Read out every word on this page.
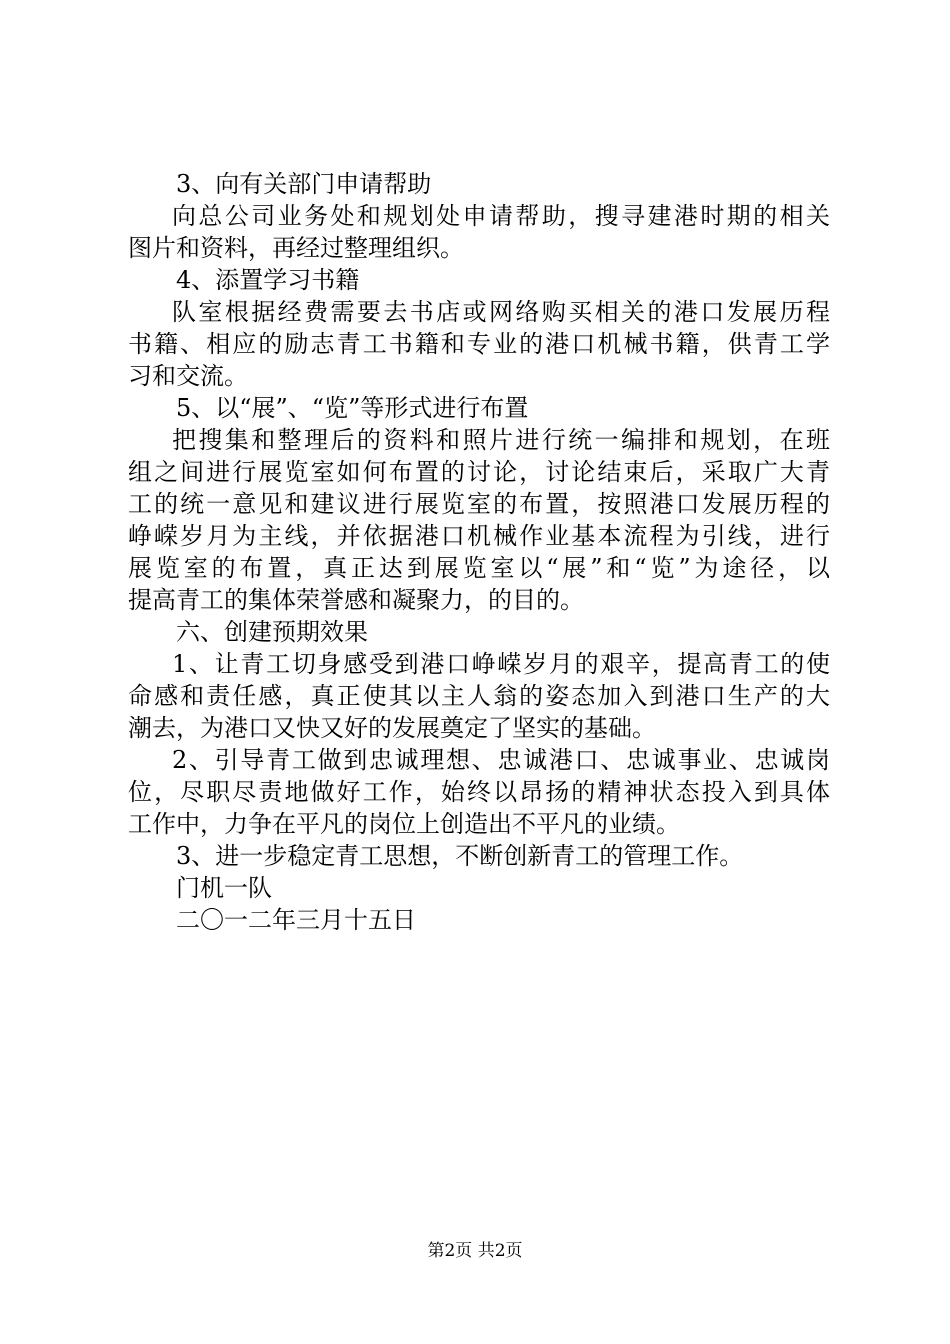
3、向有关部门申请帮助
向总公司业务处和规划处申请帮助，搜寻建港时期的相关
图片和资料，再经过整理组织。
4、添置学习书籍
队室根据经费需要去书店或网络购买相关的港口发展历程
书籍、相应的励志青工书籍和专业的港口机械书籍，供青工学
习和交流。
5、以“展”、“览”等形式进行布置
把搜集和整理后的资料和照片进行统一编排和规划，在班
组之间进行展览室如何布置的讨论，讨论结束后，采取广大青
工的统一意见和建议进行展览室的布置，按照港口发展历程的
峥嵘岁月为主线，并依据港口机械作业基本流程为引线，进行
展览室的布置，真正达到展览室以“展”和“览”为途径，以
提高青工的集体荣誉感和凝聚力，的目的。
六、创建预期效果
1、让青工切身感受到港口峥嵘岁月的艰辛，提高青工的使
命感和责任感，真正使其以主人翁的姿态加入到港口生产的大
潮去，为港口又快又好的发展奠定了坚实的基础。
2、引导青工做到忠诚理想、忠诚港口、忠诚事业、忠诚岗
位，尽职尽责地做好工作，始终以昂扬的精神状态投入到具体
工作中，力争在平凡的岗位上创造出不平凡的业绩。
3、进一步稳定青工思想，不断创新青工的管理工作。
门机一队
二〇一二年三月十五日
第2页 共2页
